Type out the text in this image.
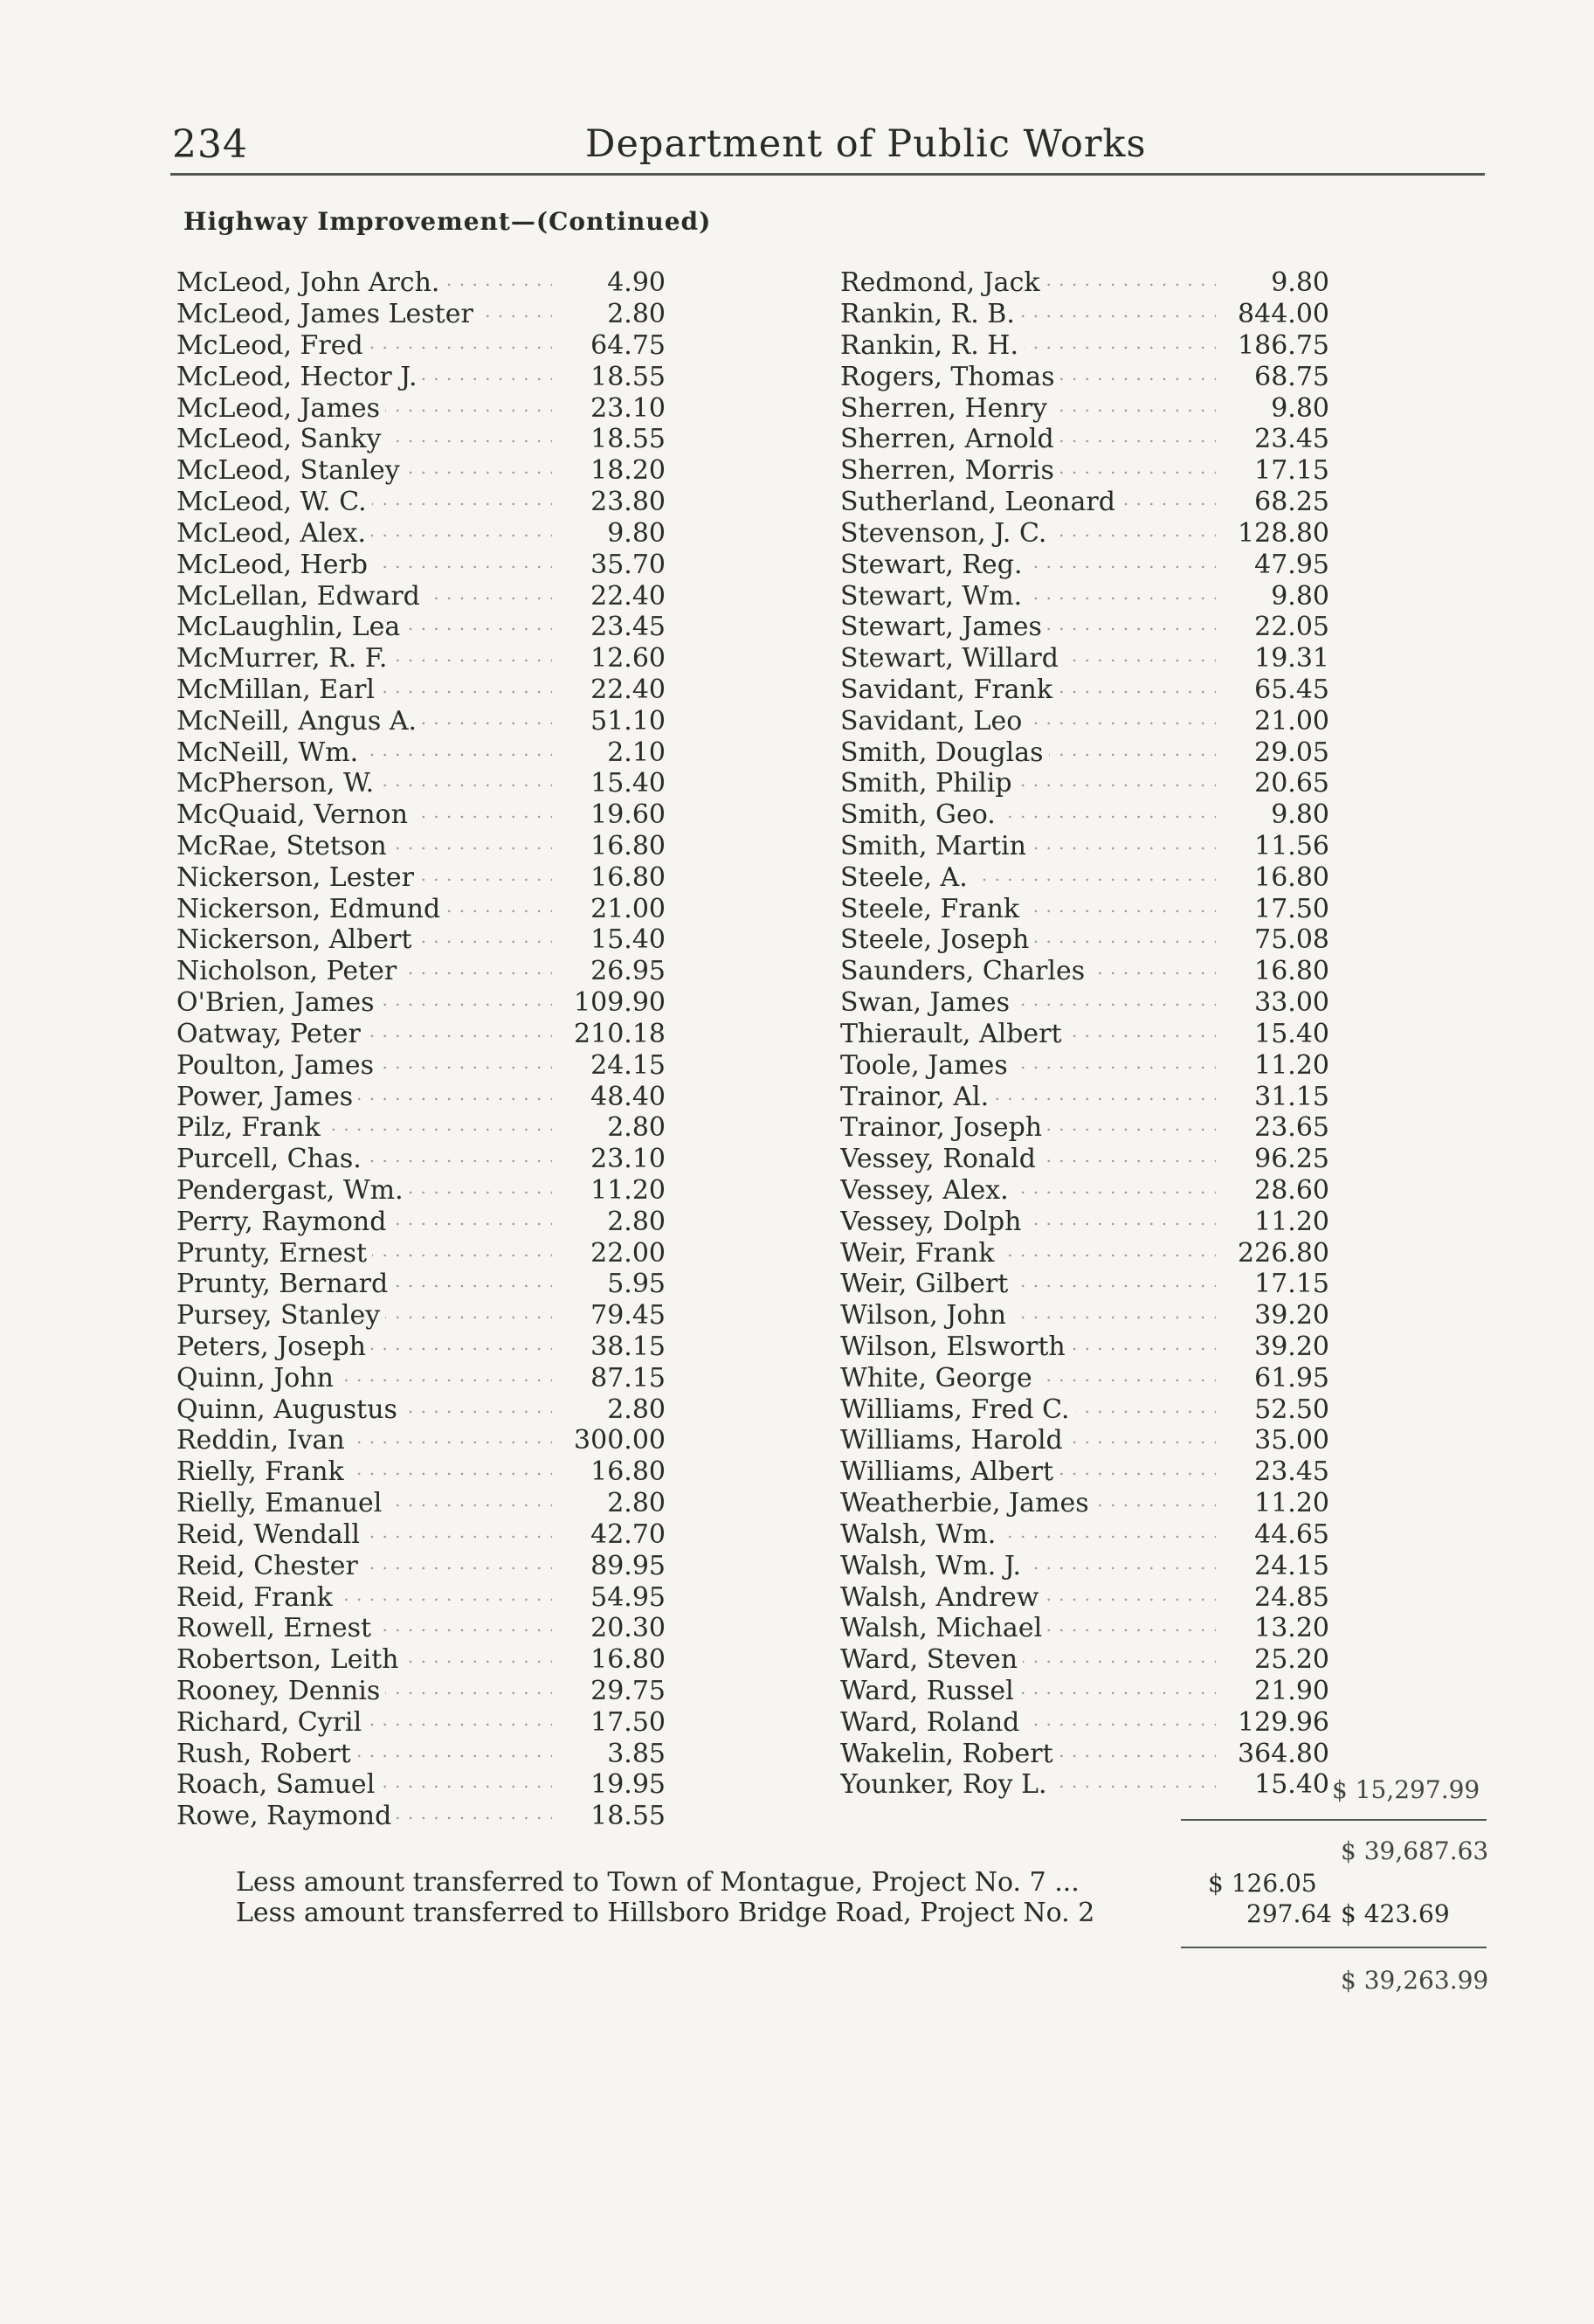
234	Department of Public Works
Highway Improvement—(Continued)
McLeod, John Arch. . . .	4.90
McLeod, James Lester . . .	2.80
McLeod, Fred . . .	64.75
McLeod, Hector J. . . .	18.55
McLeod, James . . .	23.10
McLeod, Sanky . . .	18.55
McLeod, Stanley . . .	18.20
McLeod, W. C. . . .	23.80
McLeod, Alex. . . .	9.80
McLeod, Herb . . .	35.70
McLellan, Edward . . .	22.40
McLaughlin, Lea . . .	23.45
McMurrer, R. F. . . .	12.60
McMillan, Earl . . .	22.40
McNeill, Angus A. . . .	51.10
McNeill, Wm. . . .	2.10
McPherson, W. . . .	15.40
McQuaid, Vernon . . .	19.60
McRae, Stetson . . .	16.80
Nickerson, Lester . . .	16.80
Nickerson, Edmund . . .	21.00
Nickerson, Albert . . .	15.40
Nicholson, Peter . . .	26.95
O'Brien, James . . .	109.90
Oatway, Peter . . .	210.18
Poulton, James . . .	24.15
Power, James . . .	48.40
Pilz, Frank . . .	2.80
Purcell, Chas. . . .	23.10
Pendergast, Wm. . . .	11.20
Perry, Raymond . . .	2.80
Prunty, Ernest . . .	22.00
Prunty, Bernard . . .	5.95
Pursey, Stanley . . .	79.45
Peters, Joseph . . .	38.15
Quinn, John . . .	87.15
Quinn, Augustus . . .	2.80
Reddin, Ivan . . .	300.00
Rielly, Frank . . .	16.80
Rielly, Emanuel . . .	2.80
Reid, Wendall . . .	42.70
Reid, Chester . . .	89.95
Reid, Frank . . .	54.95
Rowell, Ernest . . .	20.30
Robertson, Leith . . .	16.80
Rooney, Dennis . . .	29.75
Richard, Cyril . . .	17.50
Rush, Robert . . .	3.85
Roach, Samuel . . .	19.95
Rowe, Raymond . . .	18.55
Redmond, Jack . . .	9.80
Rankin, R. B. . . .	844.00
Rankin, R. H. . . .	186.75
Rogers, Thomas . . .	68.75
Sherren, Henry . . .	9.80
Sherren, Arnold . . .	23.45
Sherren, Morris . . .	17.15
Sutherland, Leonard . . .	68.25
Stevenson, J. C. . . .	128.80
Stewart, Reg. . . .	47.95
Stewart, Wm. . . .	9.80
Stewart, James . . .	22.05
Stewart, Willard . . .	19.31
Savidant, Frank . . .	65.45
Savidant, Leo . . .	21.00
Smith, Douglas . . .	29.05
Smith, Philip . . .	20.65
Smith, Geo. . . .	9.80
Smith, Martin . . .	11.56
Steele, A. . . .	16.80
Steele, Frank . . .	17.50
Steele, Joseph . . .	75.08
Saunders, Charles . . .	16.80
Swan, James . . .	33.00
Thierault, Albert . . .	15.40
Toole, James . . .	11.20
Trainor, Al. . . .	31.15
Trainor, Joseph . . .	23.65
Vessey, Ronald . . .	96.25
Vessey, Alex. . . .	28.60
Vessey, Dolph . . .	11.20
Weir, Frank . . .	226.80
Weir, Gilbert . . .	17.15
Wilson, John . . .	39.20
Wilson, Elsworth . . .	39.20
White, George . . .	61.95
Williams, Fred C. . . .	52.50
Williams, Harold . . .	35.00
Williams, Albert . . .	23.45
Weatherbie, James . . .	11.20
Walsh, Wm. . . .	44.65
Walsh, Wm. J. . . .	24.15
Walsh, Andrew . . .	24.85
Walsh, Michael . . .	13.20
Ward, Steven . . .	25.20
Ward, Russel . . .	21.90
Ward, Roland . . .	129.96
Wakelin, Robert . . .	364.80
Younker, Roy L. . . .	15.40 $ 15,297.99
$ 39,687.63
Less amount transferred to Town of Montague, Project No. 7 ...	$ 126.05
Less amount transferred to Hillsboro Bridge Road, Project No. 2	297.64 $ 423.69
$ 39,263.99
